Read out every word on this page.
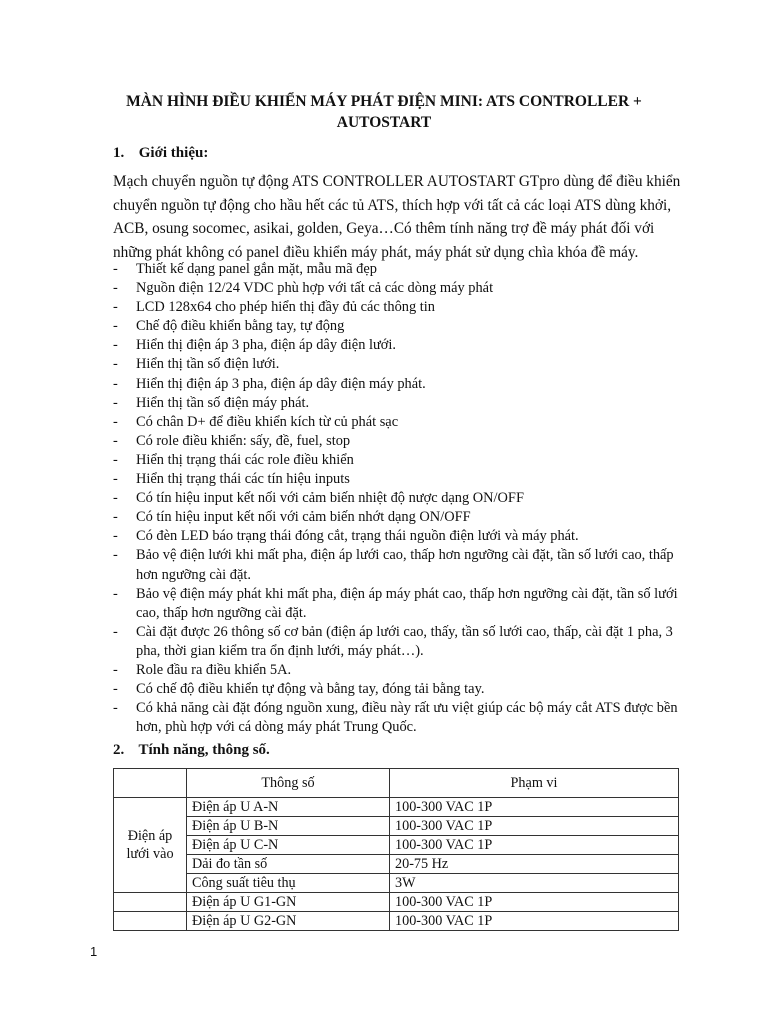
MÀN HÌNH ĐIỀU KHIỂN MÁY PHÁT ĐIỆN MINI: ATS CONTROLLER +
AUTOSTART
1. Giới thiệu:
Mạch chuyển nguồn tự động ATS CONTROLLER AUTOSTART GTpro dùng để điều khiển chuyển nguồn tự động cho hầu hết các tủ ATS, thích hợp với tất cả các loại ATS dùng khởi, ACB, osung socomec, asikai, golden, Geya…Có thêm tính năng trợ đề máy phát đối với những phát không có panel điều khiển máy phát, máy phát sử dụng chìa khóa đề máy.
- Thiết kế dạng panel gắn mặt, mẫu mã đẹp
- Nguồn điện 12/24 VDC phù hợp với tất cả các dòng máy phát
- LCD 128x64 cho phép hiển thị đầy đủ các thông tin
- Chế độ điều khiển bằng tay, tự động
- Hiển thị điện áp 3 pha, điện áp dây điện lưới.
- Hiển thị tần số điện lưới.
- Hiển thị điện áp 3 pha, điện áp dây điện máy phát.
- Hiển thị tần số điện máy phát.
- Có chân D+ để điều khiển kích từ củ phát sạc
- Có role điều khiển: sấy, đề, fuel, stop
- Hiển thị trạng thái các role điều khiển
- Hiển thị trạng thái các tín hiệu inputs
- Có tín hiệu input kết nối với cảm biến nhiệt độ nược dạng ON/OFF
- Có tín hiệu input kết nối với cảm biến nhớt dạng ON/OFF
- Có đèn LED báo trạng thái đóng cắt, trạng thái nguồn điện lưới và máy phát.
- Bảo vệ điện lưới khi mất pha, điện áp lưới cao, thấp hơn ngưỡng cài đặt, tần số lưới cao, thấp hơn ngưỡng cài đặt.
- Bảo vệ điện máy phát khi mất pha, điện áp máy phát cao, thấp hơn ngưỡng cài đặt, tần số lưới cao, thấp hơn ngưỡng cài đặt.
- Cài đặt được 26 thông số cơ bản (điện áp lưới cao, thấy, tần số lưới cao, thấp, cài đặt 1 pha, 3 pha, thời gian kiểm tra ổn định lưới, máy phát…).
- Role đầu ra điều khiển 5A.
- Có chế độ điều khiển tự động và bằng tay, đóng tải bằng tay.
- Có khả năng cài đặt đóng nguồn xung, điều này rất ưu việt giúp các bộ máy cắt ATS được bền hơn, phù hợp với cá dòng máy phát Trung Quốc.
2. Tính năng, thông số.
	Thông số	Phạm vi
Điện áp lưới vào	Điện áp U A-N	100-300 VAC 1P
	Điện áp U B-N	100-300 VAC 1P
	Điện áp U C-N	100-300 VAC 1P
	Dải đo tần số	20-75 Hz
	Công suất tiêu thụ	3W
	Điện áp U G1-GN	100-300 VAC 1P
	Điện áp U G2-GN	100-300 VAC 1P
1
